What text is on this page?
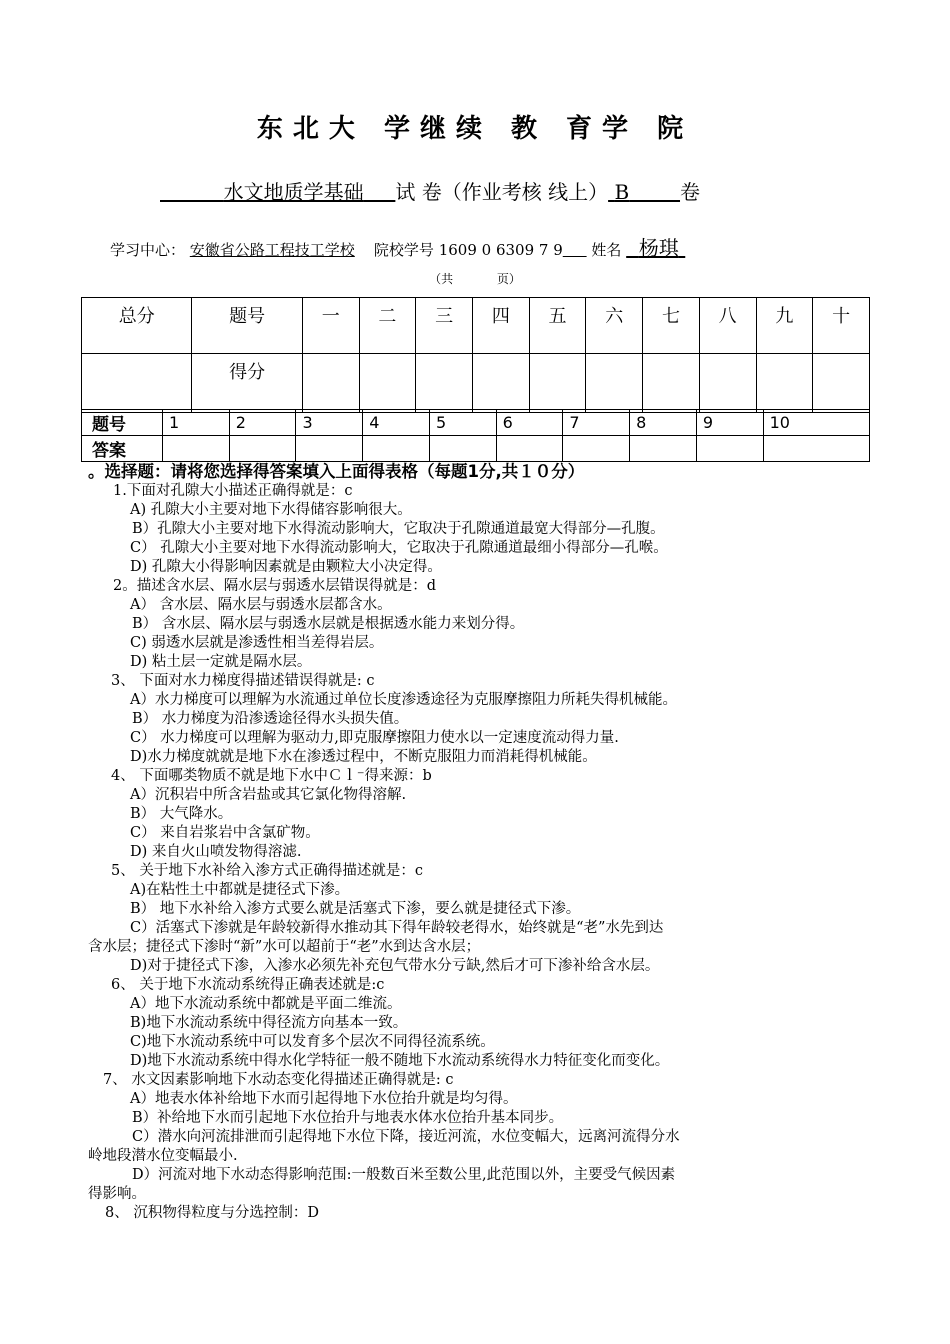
东北大 学继续 教 育学 院
水文地质学基础 试 卷（作业考核 线上） B	卷
学习中心： 安徽省公路工程技工学校 院校学号 1609 0 6309 7 9 姓名 杨琪
（共 页）
总分	题号	一	二	三	四	五	六	七	八	九	十
	得分										
题号	1	2	3	4	5	6	7	8	9	10
答案										
。选择题：请将您选择得答案填入上面得表格（每题1分,共１０分）
1.下面对孔隙大小描述正确得就是：c
A) 孔隙大小主要对地下水得储容影响很大。
B）孔隙大小主要对地下水得流动影响大，它取决于孔隙通道最宽大得部分—孔腹。
C） 孔隙大小主要对地下水得流动影响大，它取决于孔隙通道最细小得部分—孔喉。
D) 孔隙大小得影响因素就是由颗粒大小决定得。
2。描述含水层、隔水层与弱透水层错误得就是：d
A） 含水层、隔水层与弱透水层都含水。
B） 含水层、隔水层与弱透水层就是根据透水能力来划分得。
C) 弱透水层就是渗透性相当差得岩层。
D) 粘土层一定就是隔水层。
3、 下面对水力梯度得描述错误得就是: c
A）水力梯度可以理解为水流通过单位长度渗透途径为克服摩擦阻力所耗失得机械能。
B） 水力梯度为沿渗透途径得水头损失值。
C） 水力梯度可以理解为驱动力,即克服摩擦阻力使水以一定速度流动得力量.
D)水力梯度就就是地下水在渗透过程中，不断克服阻力而消耗得机械能。
4、 下面哪类物质不就是地下水中Ｃｌ⁻得来源：b
A）沉积岩中所含岩盐或其它氯化物得溶解.
B） 大气降水。
C） 来自岩浆岩中含氯矿物。
D) 来自火山喷发物得溶滤.
5、 关于地下水补给入渗方式正确得描述就是：c
A)在粘性土中都就是捷径式下渗。
B） 地下水补给入渗方式要么就是活塞式下渗，要么就是捷径式下渗。
C）活塞式下渗就是年龄较新得水推动其下得年龄较老得水，始终就是“老”水先到达
含水层；捷径式下渗时“新”水可以超前于“老”水到达含水层；
D)对于捷径式下渗，入渗水必须先补充包气带水分亏缺,然后才可下渗补给含水层。
6、 关于地下水流动系统得正确表述就是:c
A）地下水流动系统中都就是平面二维流。
B)地下水流动系统中得径流方向基本一致。
C)地下水流动系统中可以发育多个层次不同得径流系统。
D)地下水流动系统中得水化学特征一般不随地下水流动系统得水力特征变化而变化。
7、 水文因素影响地下水动态变化得描述正确得就是: c
A）地表水体补给地下水而引起得地下水位抬升就是均匀得。
B）补给地下水而引起地下水位抬升与地表水体水位抬升基本同步。
C）潜水向河流排泄而引起得地下水位下降，接近河流，水位变幅大，远离河流得分水
岭地段潜水位变幅最小.
D）河流对地下水动态得影响范围:一般数百米至数公里,此范围以外，主要受气候因素
得影响。
8、 沉积物得粒度与分选控制：D
